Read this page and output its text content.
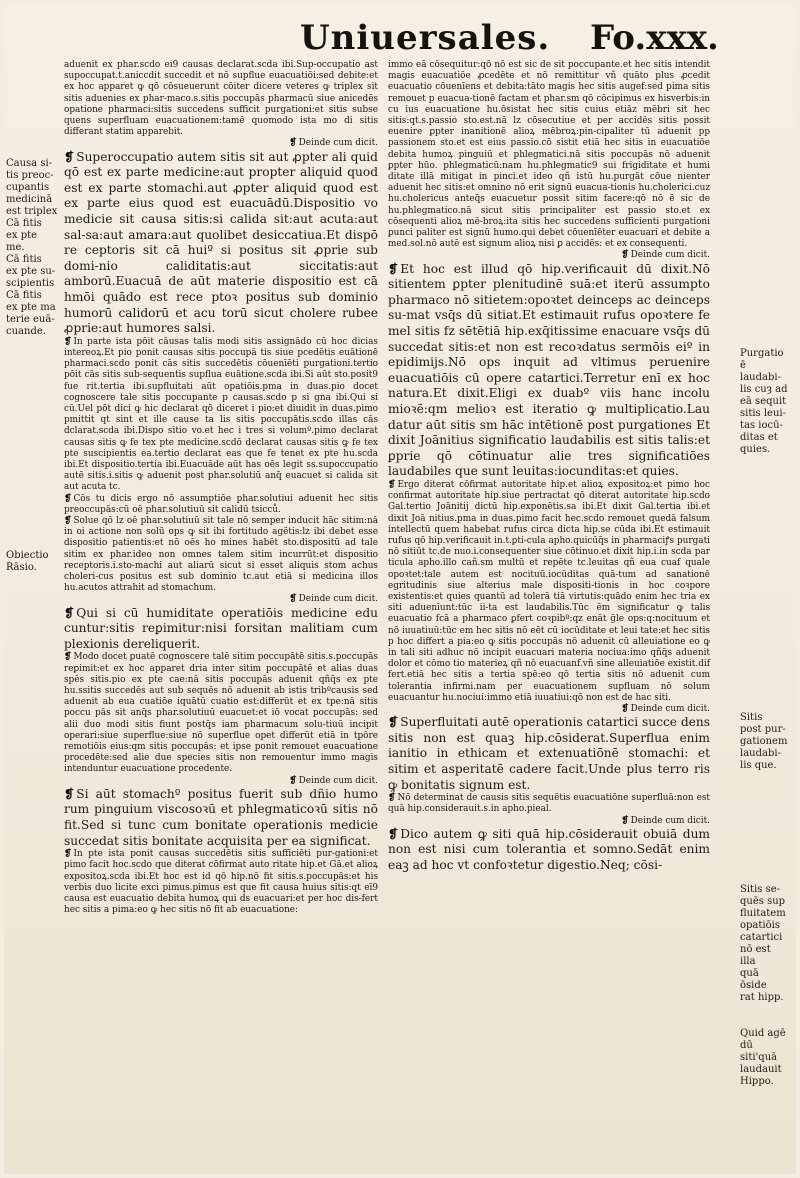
Uniuersales. Fo.xxx.
Causa si-
tis preoc-
cupantis
medicinā
est triplex
Cā fitis
ex pte me.
Cā fitis
ex pte su-
scipientis
Cā fitis
ex pte ma
terie euā-
cuande.
Obiectio
Rāsio.
Purgatio
ē laudabi-
lis cuȝ ad
eā sequit
sitis leui-
tas iocū-
ditas et
quies.
Sitis
post pur-
gationem
laudabi-
lis que.
Sitis se-
quēs sup
fluitatem
opatiōis
catartici
nō est illa
quā ōside
rat hipp.
Quid agē
dū siti'quā
laudauit
Hippo.

aduenit ex phar.scdo ei9 causas declarat.scda ibi.Sup-occupatio ast supoccupat.t.aniccdit succedit et nō supflue euacuatiōi:sed debite:et ex hoc apparet ꝙ qō cōsueuerunt cōiter dicere veteres ꝙ triplex sit sitis aduenies ex phar-maco.s.sitis poccupās pharmacū siue anicedēs opatione pharmaci:sitis succedens sufficit purgationi:et sitis subse quens superfluam euacuationem:tamē quomodo ista mo di sitis differant statim apparebit.

❡ Deinde cum dicit.

❡ Superoccupatio autem sitis sit aut ꝓpter ali quid qō est ex parte medicine:aut propter aliquid quod est ex parte stomachi.aut ꝓpter aliquid quod est ex parte eius quod est euacuādū.Dispositio vo medicie sit causa sitis:si calida sit:aut acuta:aut sal-sa:aut amara:aut quolibet desiccatiua.Et dispō re ceptoris sit cā huiº si positus sit ꝓprie sub domi-nio caliditatis:aut siccitatis:aut amborū.Euacuā de aūt materie dispositio est cā hmōi quādo est rece ptoꝛ positus sub dominio humorū calidorū et acu torū sicut cholere rubee ꝓprie:aut humores salsi.

❡ In parte ista pōit cāusas talis modi sitis assignādo cū hoc dicias intereoꝝ.Et pio ponit causas sitis poccupā tis siue pcedētis euātionē pharmaci.scdo ponit cās sitis succedētis cōuenīēti purgationi.tertio pōit cās sitis sub-sequentis supflua euātione.scda ibi.Si aūt sto.posit9 fue rit.tertia ibi.supfluitati aūt opatiōis.pma in duas.pio docet cognoscere tale sitis poccupante p causas.scdo p si gna ibi.Qui si cū.Uel pōt dici ꝙ hic declarat qō diceret i pio:et diuidit in duas.pimo pmittit qt sint et ille cause ta lis sitis poccupātis.scdo illas cās dclarat.scda ibi.Dispo sitio vo.et hec i tres si volumº.pimo declarat causas sitis ꝙ fe tex pte medicine.scdō declarat causas sitis ꝙ fe tex pte suscipientis ea.tertio declarat eas que fe tenet ex pte hu.scda ibi.Et dispositio.tertia ibi.Euacuāde aūt has oēs legit ss.supoccupatio autē sitis.i.sitis ꝙ aduenit post phar.solutiū anq̄ euacuet si calida sit aut acuta tc.

❡ Cōs tu dicis ergo nō assumptiōe phar.solutiui aduenit hec sitis preoccupās:cū oē phar.solutiuū sit calidū tsicců.

❡ Solue qō lz oē phar.solutiuū sit tale nō semper inducit hāc sitim:nā in oi actione non solū ops ꝙ sit ibi fortitudo agētis:lz ibi debet esse dispositio patientis:et nō oēs ho mines habēt sto.dispositū ad tale sitim ex phar.ideo non omnes talem sitim incurrūt:et dispositio receptoris.i.sto-machi aut aliarū sicut si esset aliquis stom achus choleri-cus positus est sub dominio tc.aut etiā si medicina illos hu.acutos attrahit ad stomachum.

❡ Deinde cum dicit.

❡ Qui si cū humiditate operatiōis medicine edu cuntur:sitis reꝑimitur:nisi forsitan malitiam cum plexionis dereliquerit.

❡ Modo docet ꝑuatē cognoscere talē sitim poccupātē sitis.s.poccupās reꝑimit:et ex hoc apparet dria inter sitim poccupātē et alias duas spēs sitis.pio ex pte cae:nā sitis poccupās aduenit qñq̄s ex pte hu.ssitis succedēs aut sub sequēs nō aduenit ab istis tribºcausis sed aduenit ab eua cuatiōe iquātū cuatio est:differūt et ex tpe:nā sitis poccu pās sit anq̄s phar.solutiuū euacuet:et iō vocat poccupās: sed alii duo modi sitis fiunt postq̄s iam pharmacum solu-tiuū incipit operari:siue superflue:siue nō superflue opet differūt etiā in tpōre remotiōis eius:qm sitis poccupās: et ipse ponit remouet euacuatione procedēte:sed alie due species sitis non remouentur immo magis intenduntur euacuatione procedente.

❡ Deinde cum dicit.

❡ Si aūt stomachº positus fuerit sub dñio humo rum pinguium viscosoꝛū et phlegmaticoꝛū sitis nō fit.Sed si tunc cum bonitate operationis medicie succedat sitis bonitate acquisita per ea significat.

❡ In pte ista ponit causas succedētis sitis sufficiēti pur-gationi:et pimo facit hoc.scdo que diterat cōfirmat auto ritate hip.et Gā.et alioꝝ expositoꝝ.scda ibi.Et hoc est id qō hip.nō fit sitis.s.poccupās:et his verbis duo licite exci pimus.pimus est que fit causa huius sitis:qt eī9 causa est euacuatio debita humoꝝ qui ḋs euacuari:et per hoc dis-fert hec sitis a pima:eo ꝙ hec sitis nō fit ab euacuatione:

immo eā cōsequitur:qō nō est sic de sit poccupante.et hec sitis intendit magis euacuatiōe ꝓcedēte et nō remittitur vñ quāto plus ꝓcedit euacuatio cōuenīens et debita:tāto magis hec sitis augef:sed pima sitis remouet p euacua-tionē factam et phar.sm qō cōcipimus ex hisverbis:in cu ius euacuatione hu.ōsistat hec sitis cuius etiāz mēbri sit hec sitis:qt.s.passio sto.est.nā lz cōsecutiue et per accidēs sitis possit euenire ꝑpter inanitionē alioꝝ mēbroꝝ:pin-cipaliter tū aduenit pp passionem sto.et est eius passio.cō sistit etiā hec sitis in euacuatiōe debita humoꝝ pinguiū et phlegmatici.nā sitis poccupās nō aduenit ꝑpter hūo. phlegmaticū:nam hu.phlegmatic9 sui frigiditate et humi ditate illā mitigat in pinci.et ideo qñ istū hu.purgāt cōue nienter aduenit hec sitis:et omnino nō erit signū euacua-tionis hu.cholerici.cuz hu.cholericus anteq̄s euacuetur possit sitim facere:qō nō ē sic de hu.phlegmatico.nā sicut sitis principaliter est passio sto.et ex cōsequenti alioꝝ mē-broꝝ:ita sitis hec succedens sufficienti purgationi ꝑunci paliter est signū humo.qui debet cōuenīēter euacuari et debite a med.sol.nō autē est signum alioꝝ nisi ꝑ accidēs: et ex consequenti.

❡ Deinde cum dicit.

❡ Et hoc est illud qō hip.verificauit dū dixit.Nō sitientem ꝑpter plenitudinē suā:et iterū assumpto pharmaco nō sitietem:opoꝛtet deinceps ac deinceps su-mat vsq̄s dū sitiat.Et estimauit rufus opoꝛtere fe mel sitis fz sētētiā hip.exq̄itissime enacuare vsq̄s dū succedat sitis:et non est recoꝛdatus sermōis eiº in epidimijs.Nō ops inquit ad vltimus peruenire euacuatiōis cū opere catartici.Terretur enī ex hoc natura.Et dixit.Eligi ex duabº viis hanc incolu mioꝛē:qm melioꝛ est iteratio ꝙ multiplicatio.Lau datur aūt sitis sm hāc intētionē post purgationes Et dixit Joānitius significatio laudabilis est sitis talis:et ꝑprie qō cōtinuatur alie tres significatiōes laudabiles que sunt leuitas:iocunditas:et quies.

❡ Ergo diterat cōfirmat autoritate hip.et alioꝝ expositoꝝ:et pimo hoc confirmat autoritate hip.siue pertractat qō diterat autoritate hip.scdo Gal.tertio Joānitij dictū hip.exponētis.sa ibi.Et dixit Gal.tertia ibi.et dixit Joā nitius.pma in duas.pimo facit hec.scdo remouet quedā falsum intellectū quem habebat rufus circa dicta hip.se cūda ibi.Et estimauit rufus qō hip.verificauit in.t.ꝑti-cula apho.quicūq̄s in pharmaciꝭs purgati nō sitiūt tc.de nuo.i.consequenter siue cōtinuo.et dixit hip.i.in scda par ticula apho.illo cañ.sm multū et repēte tc.leuitas qñ eua cuaf quale opoꝛtet:tale autem est nocituū.iocūditas quā-tum ad sanationē egritudinis siue alterius male dispositi-tionis in hoc coꝛpore existentis:et quies quantū ad tolerā tiā virtutis:quādo enim hec tria ex siti aduenīunt:tūc ii-ta est laudabilis.Tūc ēm significatur ꝙ talis euacuatio fcā a pharmaco ꝑfert coꝛpibº:qz enāt ḡle ops:q:nocituum et nō iuuatiuū:tūc em hec sitis nō eēt cū iocūditate et leui tate:et hec sitis p hoc differt a pia:eo ꝙ sitis poccupās nō aduenit cū alleuiatione eo ꝙ in tali siti adhuc nō incipit euacuari materia nociua:imo qñq̄s aduenit dolor et cōmo tio materieꝝ qñ nō euacuanf.vñ sine alleuiatiōe existit.dif fert.etiā hec sitis a tertia spē:eo qō tertia sitis nō aduenit cum tolerantia infirmi.nam per euacuationem supfluam nō solum euacuantur hu.nociui:immo etiā iuuatiui:qō non est de hac siti.

❡ Deinde cum dicit.

❡ Superfluitati autē operationis catartici succe dens sitis non est quaꝫ hip.cōsiderat.Superflua enim ianitio in ethicam et extenuatiōnē stomachi: et sitim et asperitatē cadere facit.Unde plus terro ris ꝙ bonitatis signum est.

❡ Nō determinat de causis sitis sequētis euacuatiōne superfluā:non est quā hip.considerauit.s.in apho.pieal.

❡ Deinde cum dicit.

❡ Dico autem ꝙ siti quā hip.cōsiderauit obuiā dum non est nisi cum tolerantia et somno.Sedāt enim eaꝫ ad hoc vt confoꝛtetur digestio.Neq; cōsi-
